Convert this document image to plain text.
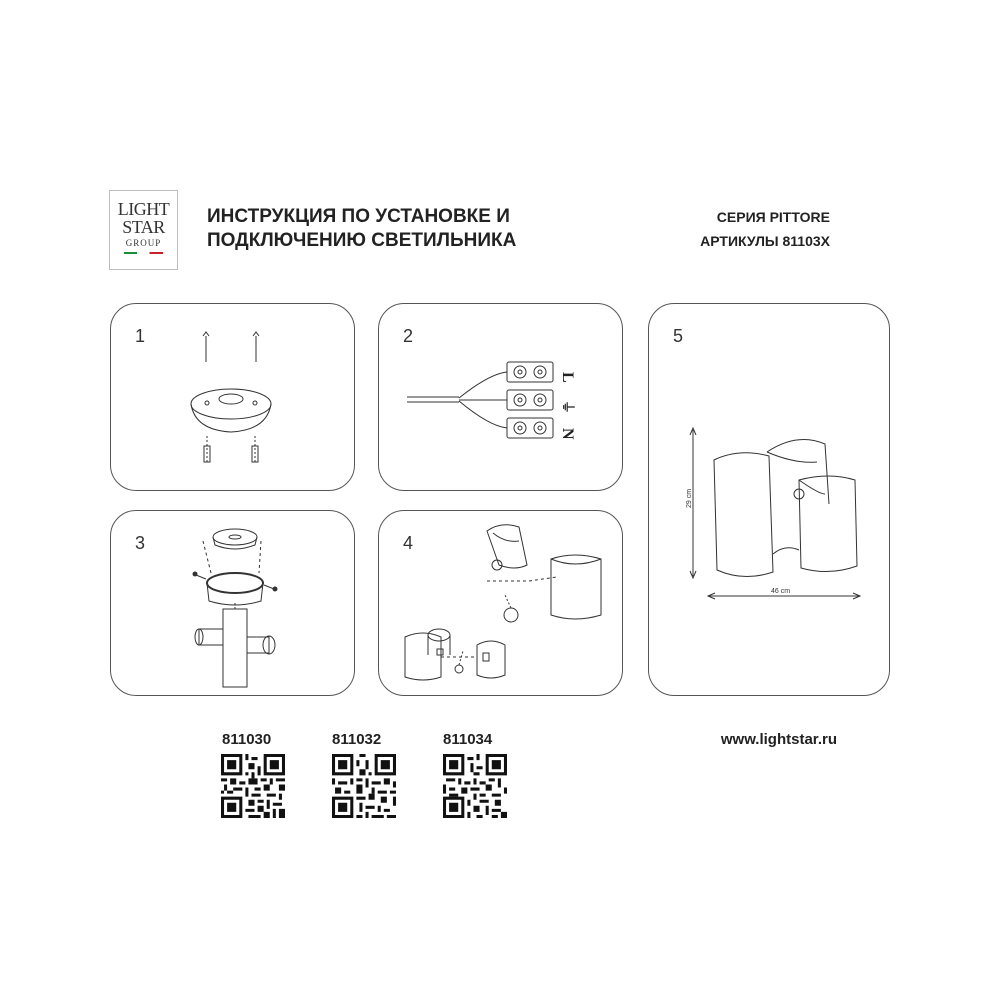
LIGHT
STAR
GROUP
ИНСТРУКЦИЯ ПО УСТАНОВКЕ И
ПОДКЛЮЧЕНИЮ СВЕТИЛЬНИКА
СЕРИЯ PITTORE
АРТИКУЛЫ 81103X
1	2
L
⏚
N
3	4
5
29 cm
46 cm
811030	811032	811034	www.lightstar.ru
